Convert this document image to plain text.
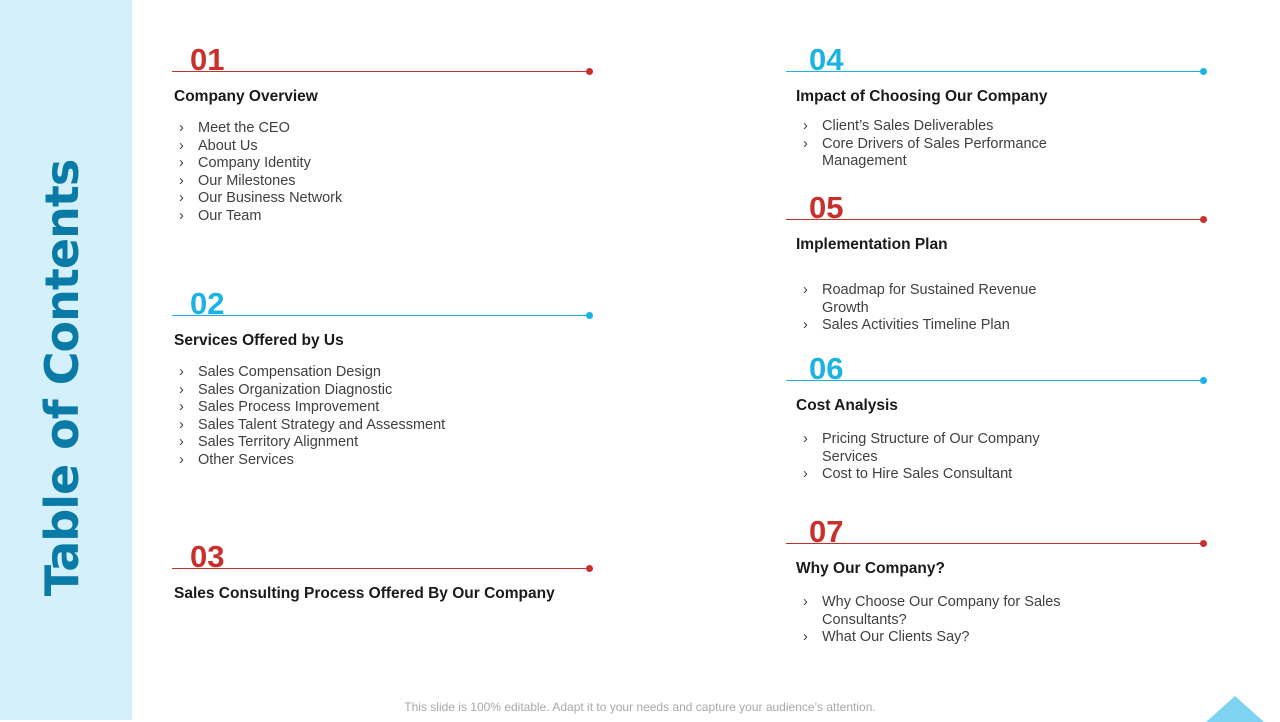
Table of Contents
01
Company Overview
› Meet the CEO
› About Us
› Company Identity
› Our Milestones
› Our Business Network
› Our Team
02
Services Offered by Us
› Sales Compensation Design
› Sales Organization Diagnostic
› Sales Process Improvement
› Sales Talent Strategy and Assessment
› Sales Territory Alignment
› Other Services
03
Sales Consulting Process Offered By Our Company
04
Impact of Choosing Our Company
› Client’s Sales Deliverables
› Core Drivers of Sales Performance Management
05
Implementation Plan
› Roadmap for Sustained Revenue Growth
› Sales Activities Timeline Plan
06
Cost Analysis
› Pricing Structure of Our Company Services
› Cost to Hire Sales Consultant
07
Why Our Company?
› Why Choose Our Company for Sales Consultants?
› What Our Clients Say?
This slide is 100% editable. Adapt it to your needs and capture your audience’s attention.
